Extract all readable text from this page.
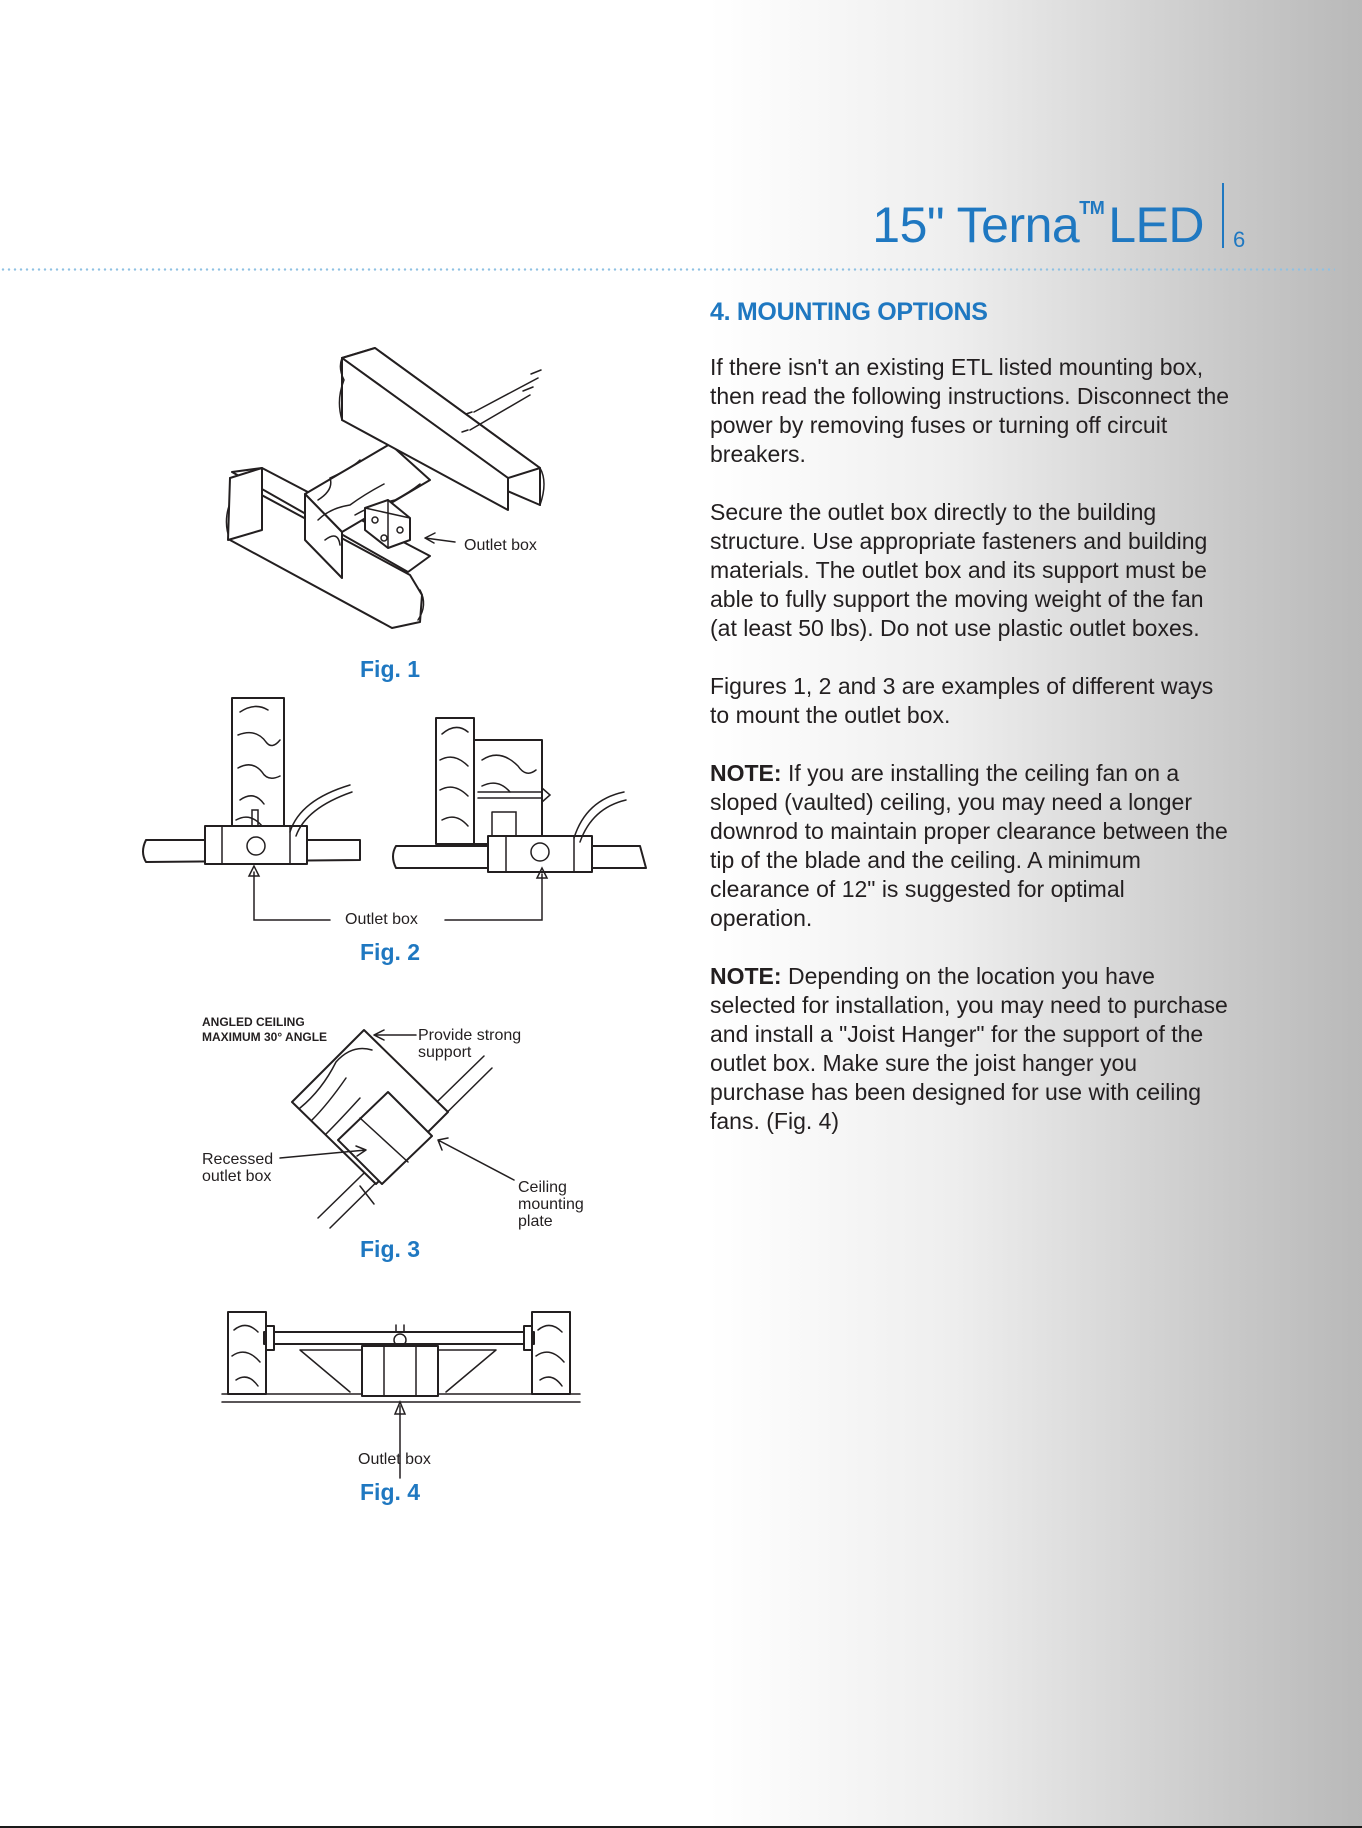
15" Terna™LED 6
4. MOUNTING OPTIONS

If there isn't an existing ETL listed mounting box, then read the following instructions. Disconnect the power by removing fuses or turning off circuit breakers.

Secure the outlet box directly to the building structure. Use appropriate fasteners and building materials. The outlet box and its support must be able to fully support the moving weight of the fan (at least 50 lbs). Do not use plastic outlet boxes.

Figures 1, 2 and 3 are examples of different ways to mount the outlet box.

NOTE: If you are installing the ceiling fan on a sloped (vaulted) ceiling, you may need a longer downrod to maintain proper clearance between the tip of the blade and the ceiling. A minimum clearance of 12" is suggested for optimal operation.

NOTE: Depending on the location you have selected for installation, you may need to purchase and install a "Joist Hanger" for the support of the outlet box. Make sure the joist hanger you purchase has been designed for use with ceiling fans. (Fig. 4)

Outlet box
Fig. 1
Outlet box
Fig. 2
ANGLED CEILING
MAXIMUM 30° ANGLE	Provide strong
support
Recessed
outlet box
Ceiling
mounting
plate
Fig. 3
Outlet box
Fig. 4
